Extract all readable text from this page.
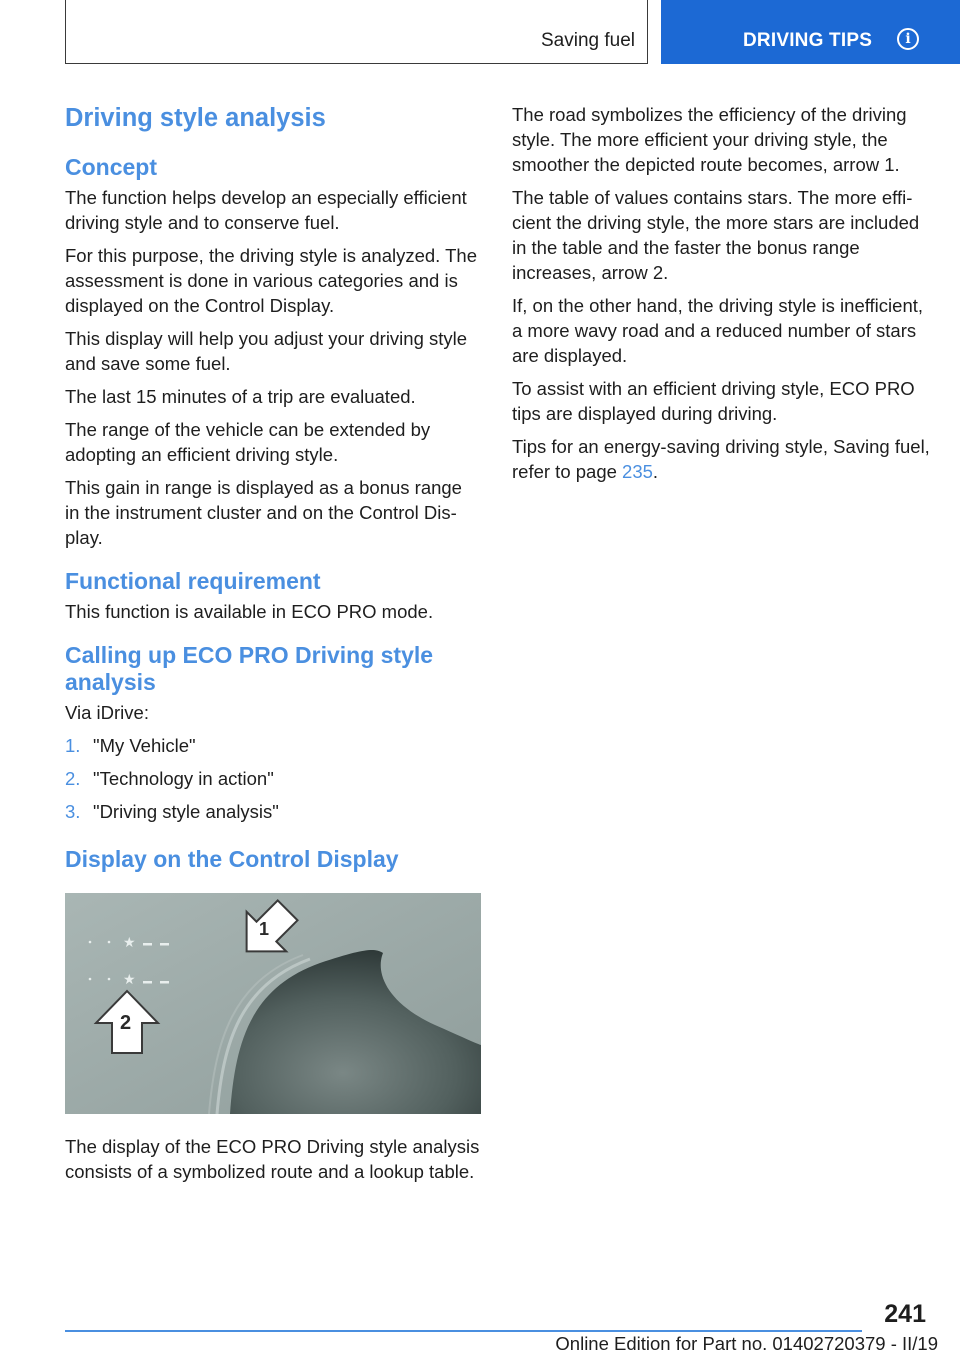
Saving fuel	DRIVING TIPS	i
Driving style analysis
Concept

The function helps develop an especially efficient driving style and to conserve fuel.

For this purpose, the driving style is analyzed. The assessment is done in various categories and is displayed on the Control Display.

This display will help you adjust your driving style and save some fuel.

The last 15 minutes of a trip are evaluated.

The range of the vehicle can be extended by adopting an efficient driving style.

This gain in range is displayed as a bonus range in the instrument cluster and on the Control Display.

Functional requirement

This function is available in ECO PRO mode.

Calling up ECO PRO Driving style analysis

Via iDrive:

1. "My Vehicle"
2. "Technology in action"
3. "Driving style analysis"
Display on the Control Display
★
★
1
2

The display of the ECO PRO Driving style analysis consists of a symbolized route and a lookup table.

The road symbolizes the efficiency of the driving style. The more efficient your driving style, the smoother the depicted route becomes, arrow 1.

The table of values contains stars. The more efficient the driving style, the more stars are included in the table and the faster the bonus range increases, arrow 2.

If, on the other hand, the driving style is inefficient, a more wavy road and a reduced number of stars are displayed.

To assist with an efficient driving style, ECO PRO tips are displayed during driving.

Tips for an energy-saving driving style, Saving fuel, refer to page 235.

241
Online Edition for Part no. 01402720379 - II/19
